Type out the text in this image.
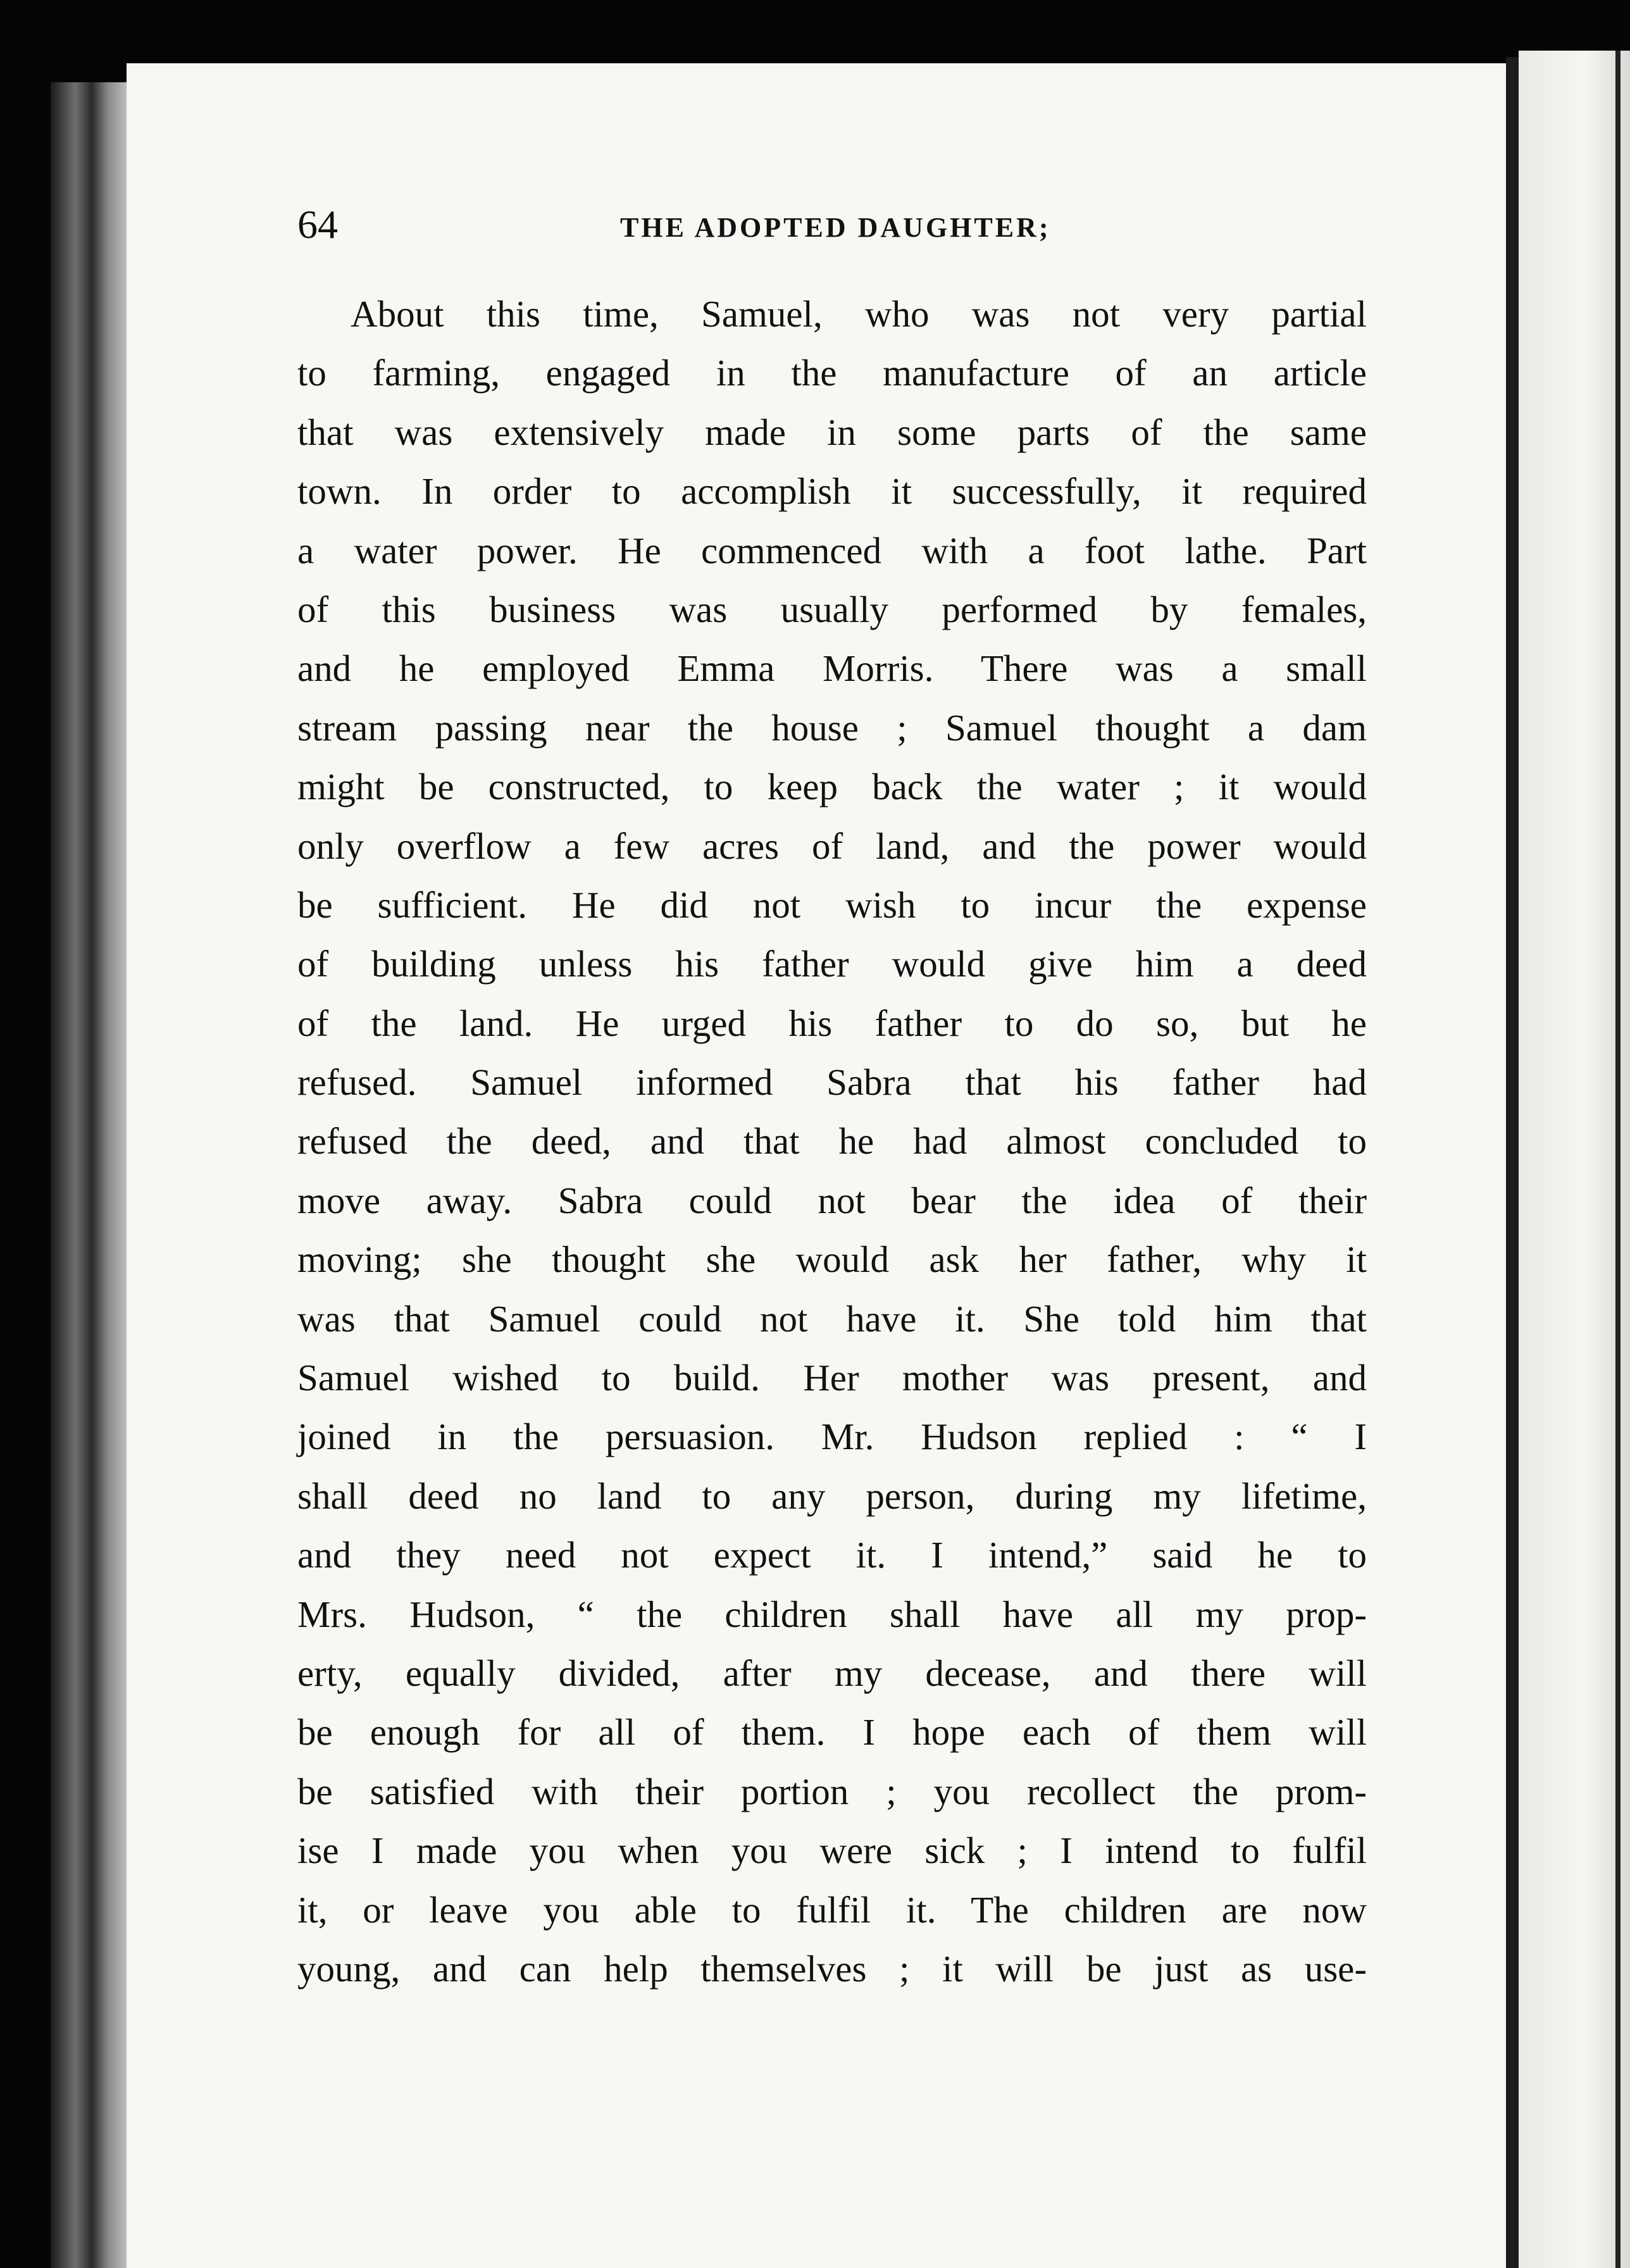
64	THE ADOPTED DAUGHTER;
About this time, Samuel, who was not very partial
to farming, engaged in the manufacture of an article
that was extensively made in some parts of the same
town. In order to accomplish it successfully, it required
a water power. He commenced with a foot lathe. Part
of this business was usually performed by females,
and he employed Emma Morris. There was a small
stream passing near the house ; Samuel thought a dam
might be constructed, to keep back the water ; it would
only overflow a few acres of land, and the power would
be sufficient. He did not wish to incur the expense
of building unless his father would give him a deed
of the land. He urged his father to do so, but he
refused. Samuel informed Sabra that his father had
refused the deed, and that he had almost concluded to
move away. Sabra could not bear the idea of their
moving; she thought she would ask her father, why it
was that Samuel could not have it. She told him that
Samuel wished to build. Her mother was present, and
joined in the persuasion. Mr. Hudson replied : “ I
shall deed no land to any person, during my lifetime,
and they need not expect it. I intend,” said he to
Mrs. Hudson, “ the children shall have all my prop-
erty, equally divided, after my decease, and there will
be enough for all of them. I hope each of them will
be satisfied with their portion ; you recollect the prom-
ise I made you when you were sick ; I intend to fulfil
it, or leave you able to fulfil it. The children are now
young, and can help themselves ; it will be just as use-
